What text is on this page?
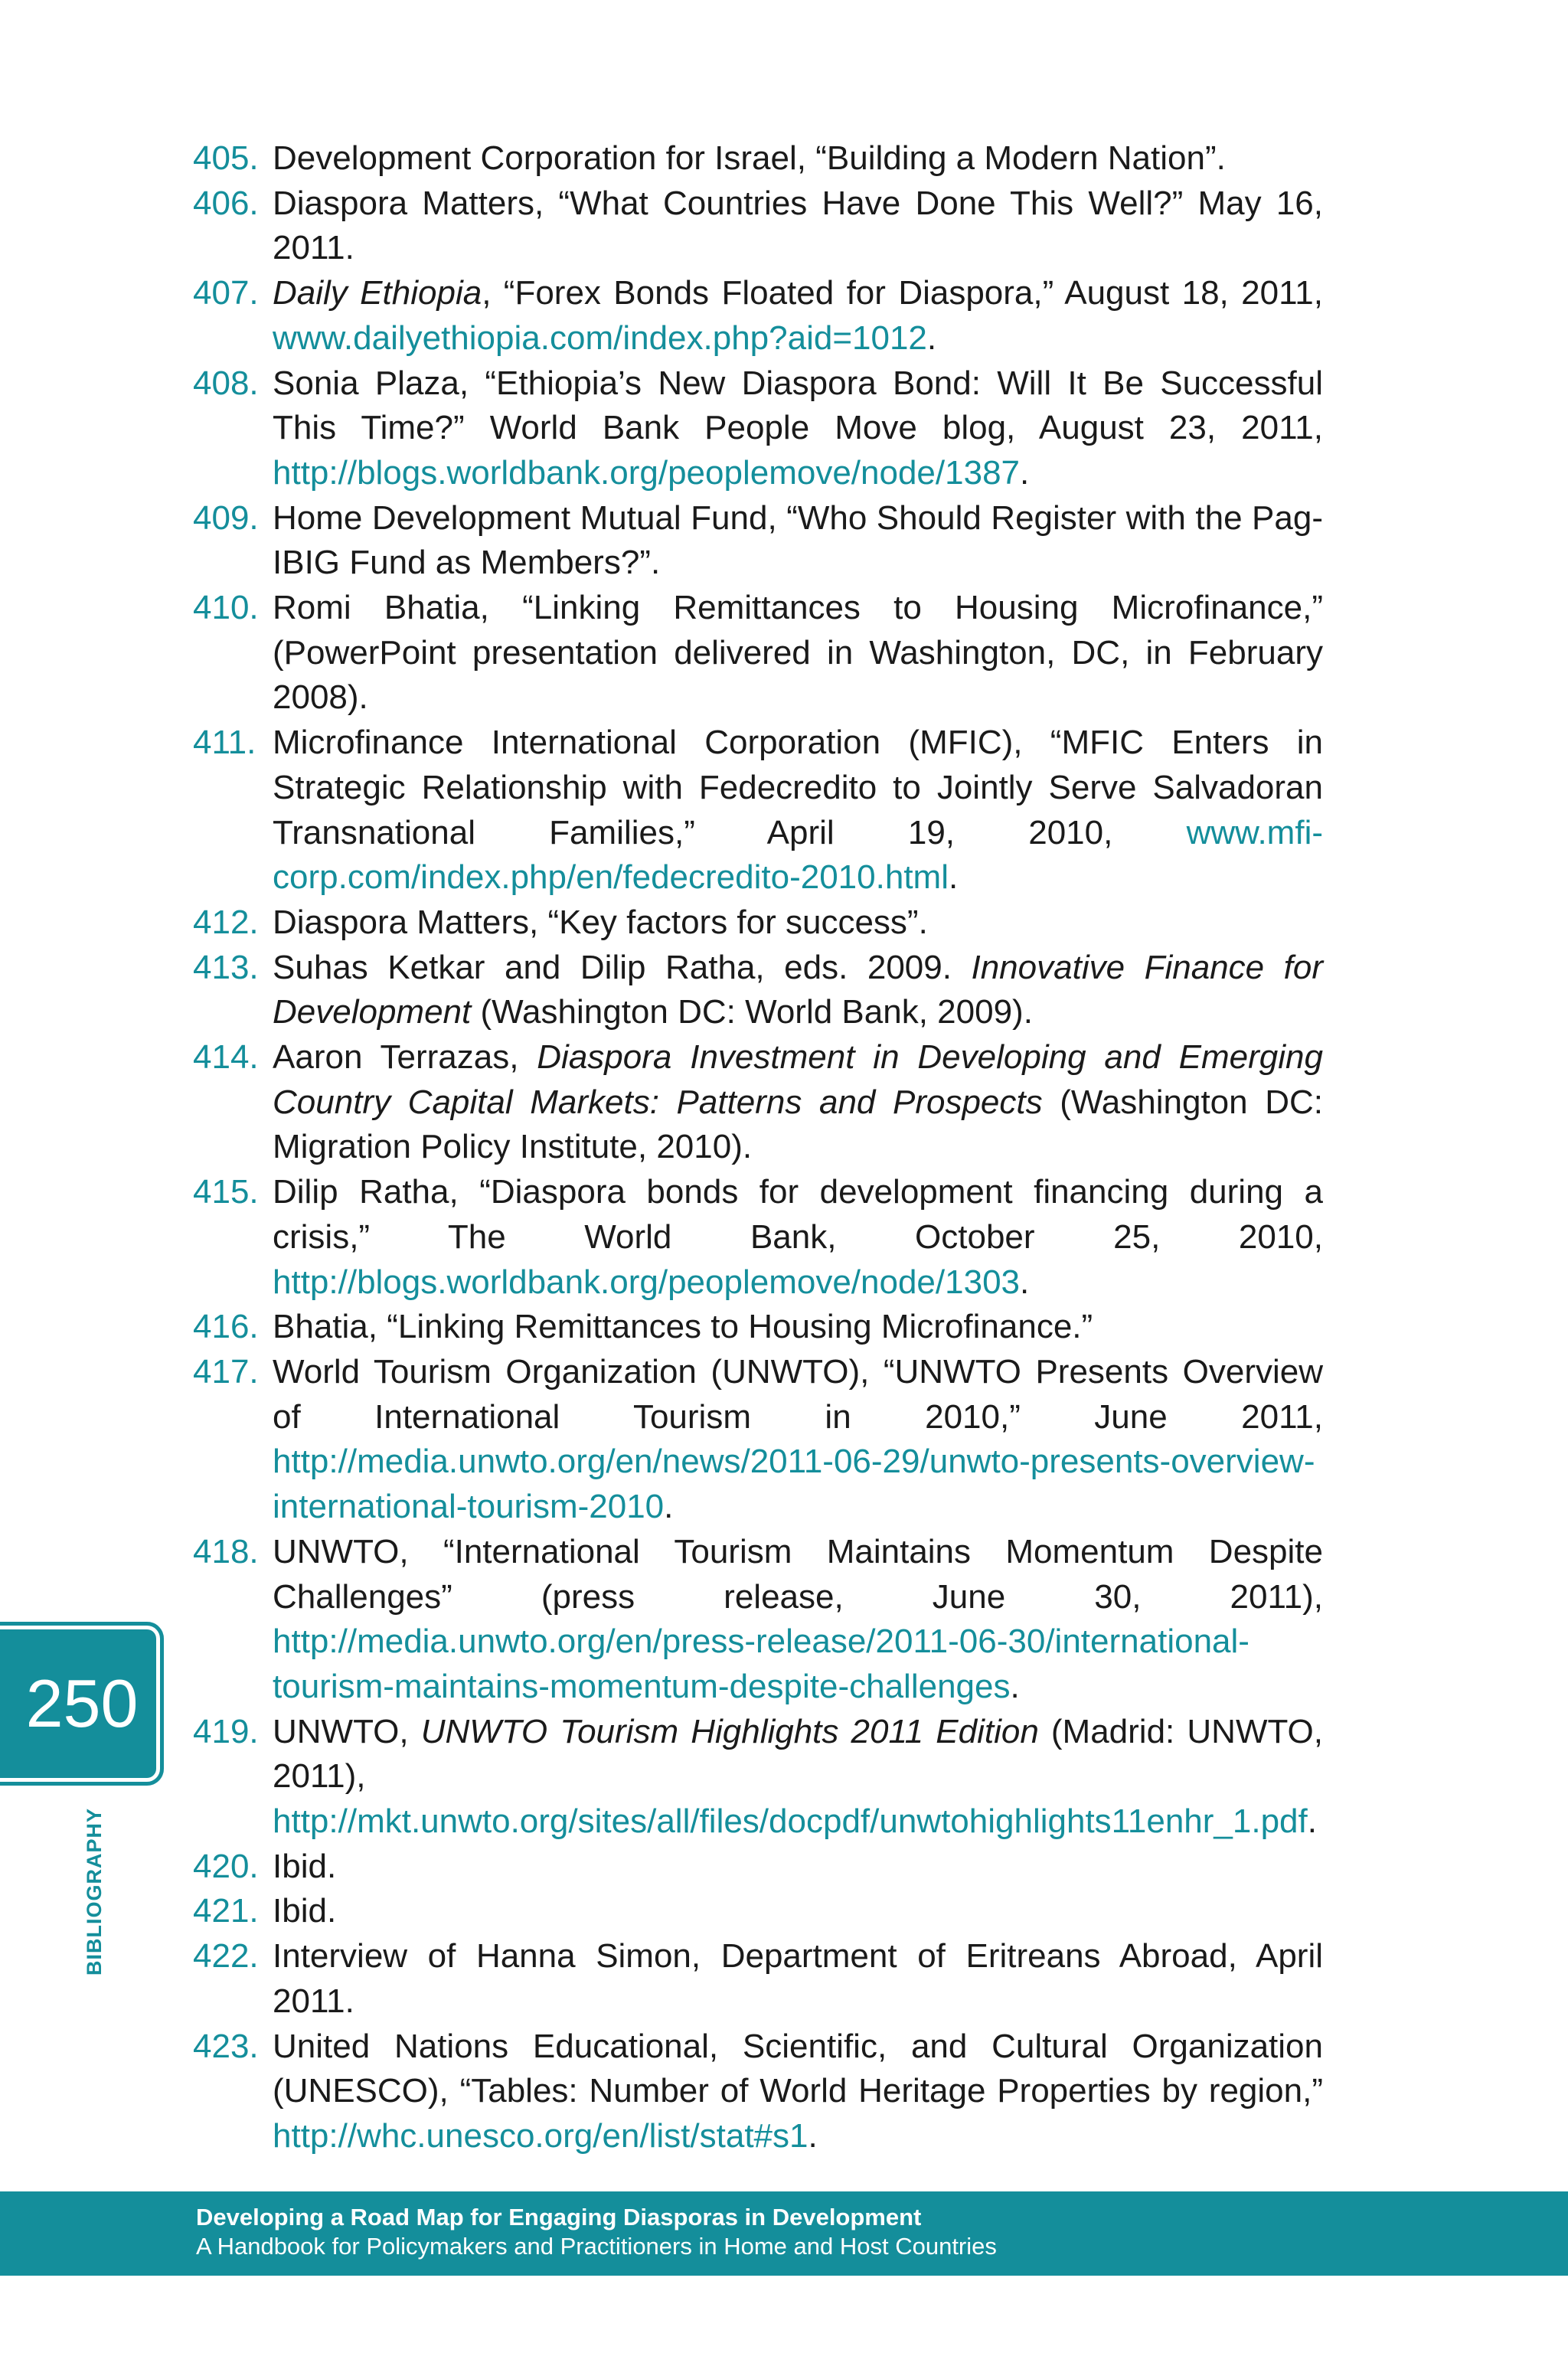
405. Development Corporation for Israel, “Building a Modern Nation”.
406. Diaspora Matters, “What Countries Have Done This Well?” May 16, 2011.
407. Daily Ethiopia, “Forex Bonds Floated for Diaspora,” August 18, 2011, www.dailyethiopia.com/index.php?aid=1012.
408. Sonia Plaza, “Ethiopia’s New Diaspora Bond: Will It Be Successful This Time?” World Bank People Move blog, August 23, 2011, http://blogs.worldbank.org/peoplemove/node/1387.
409. Home Development Mutual Fund, “Who Should Register with the Pag-IBIG Fund as Members?”.
410. Romi Bhatia, “Linking Remittances to Housing Microfinance,” (PowerPoint presentation delivered in Washington, DC, in February 2008).
411. Microfinance International Corporation (MFIC), “MFIC Enters in Strategic Relationship with Fedecredito to Jointly Serve Salvadoran Transnational Families,” April 19, 2010, www.mfi-corp.com/index.php/en/fedecredito-2010.html.
412. Diaspora Matters, “Key factors for success”.
413. Suhas Ketkar and Dilip Ratha, eds. 2009. Innovative Finance for Development (Washington DC: World Bank, 2009).
414. Aaron Terrazas, Diaspora Investment in Developing and Emerging Country Capital Markets: Patterns and Prospects (Washington DC: Migration Policy Institute, 2010).
415. Dilip Ratha, “Diaspora bonds for development financing during a crisis,” The World Bank, October 25, 2010, http://blogs.worldbank.org/peoplemove/node/1303.
416. Bhatia, “Linking Remittances to Housing Microfinance.”
417. World Tourism Organization (UNWTO), “UNWTO Presents Overview of International Tourism in 2010,” June 2011, http://media.unwto.org/en/news/2011-06-29/unwto-presents-overview-international-tourism-2010.
418. UNWTO, “International Tourism Maintains Momentum Despite Challenges” (press release, June 30, 2011), http://media.unwto.org/en/press-release/2011-06-30/international-tourism-maintains-momentum-despite-challenges.
419. UNWTO, UNWTO Tourism Highlights 2011 Edition (Madrid: UNWTO, 2011), http://mkt.unwto.org/sites/all/files/docpdf/unwtohighlights11enhr_1.pdf.
420. Ibid.
421. Ibid.
422. Interview of Hanna Simon, Department of Eritreans Abroad, April 2011.
423. United Nations Educational, Scientific, and Cultural Organization (UNESCO), “Tables: Number of World Heritage Properties by region,” http://whc.unesco.org/en/list/stat#s1.
250
BIBLIOGRAPHY
Developing a Road Map for Engaging Diasporas in Development
A Handbook for Policymakers and Practitioners in Home and Host Countries
